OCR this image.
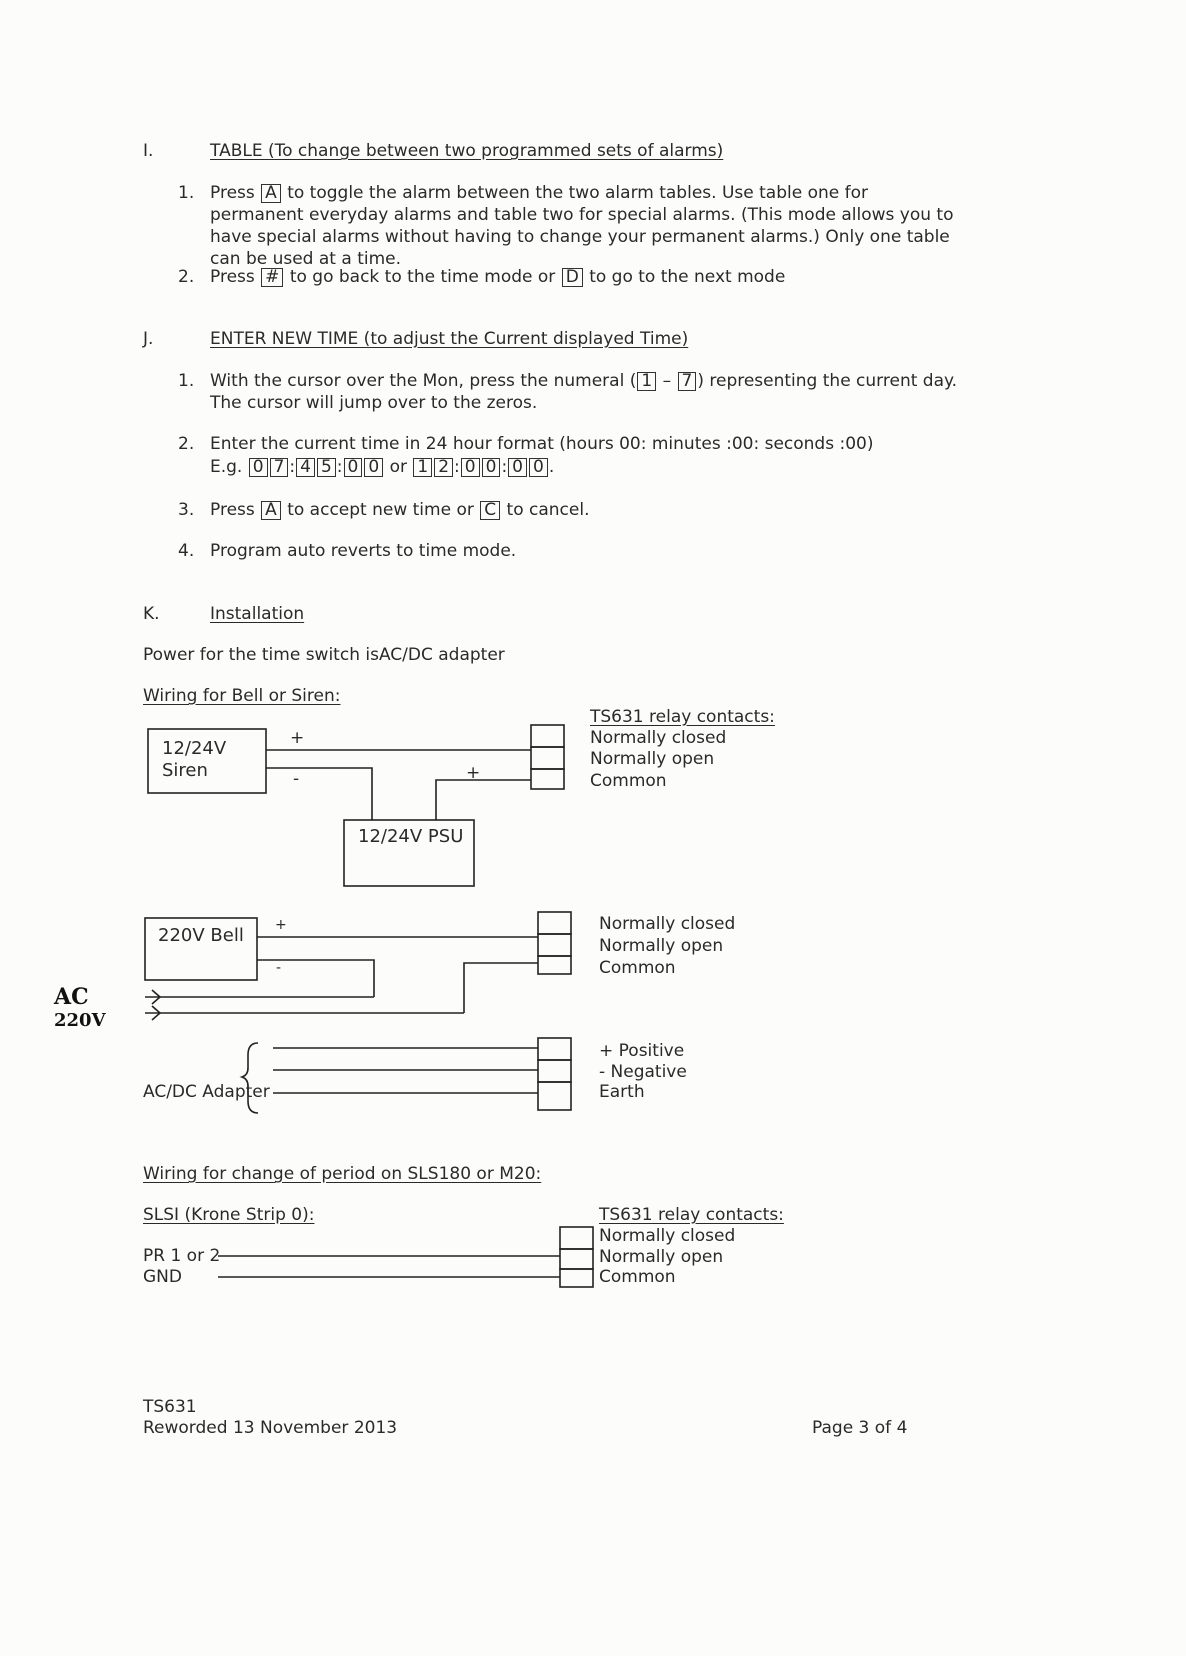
I.	TABLE (To change between two programmed sets of alarms)
1. Press A to toggle the alarm between the two alarm tables. Use table one for permanent everyday alarms and table two for special alarms. (This mode allows you to have special alarms without having to change your permanent alarms.) Only one table can be used at a time.
2. Press # to go back to the time mode or D to go to the next mode
J.	ENTER NEW TIME (to adjust the Current displayed Time)
1. With the cursor over the Mon, press the numeral ( 1 – 7 ) representing the current day. The cursor will jump over to the zeros.
2. Enter the current time in 24 hour format (hours 00: minutes :00: seconds :00)
E.g. 0 7 : 4 5 : 0 0 or 1 2 : 0 0 : 0 0 .
3. Press A to accept new time or C to cancel.
4. Program auto reverts to time mode.
K.	Installation
Power for the time switch isAC/DC adapter
Wiring for Bell or Siren:
12/24V
Siren
+
-	+
12/24V PSU
TS631 relay contacts:
Normally closed
Normally open
Common
220V Bell +
-
Normally closed
Normally open
Common
AC
220V
AC/DC Adapter
+ Positive
- Negative
Earth
Wiring for change of period on SLS180 or M20:
SLSI (Krone Strip 0):
PR 1 or 2
GND
TS631 relay contacts:
Normally closed
Normally open
Common
TS631
Reworded 13 November 2013	Page 3 of 4
